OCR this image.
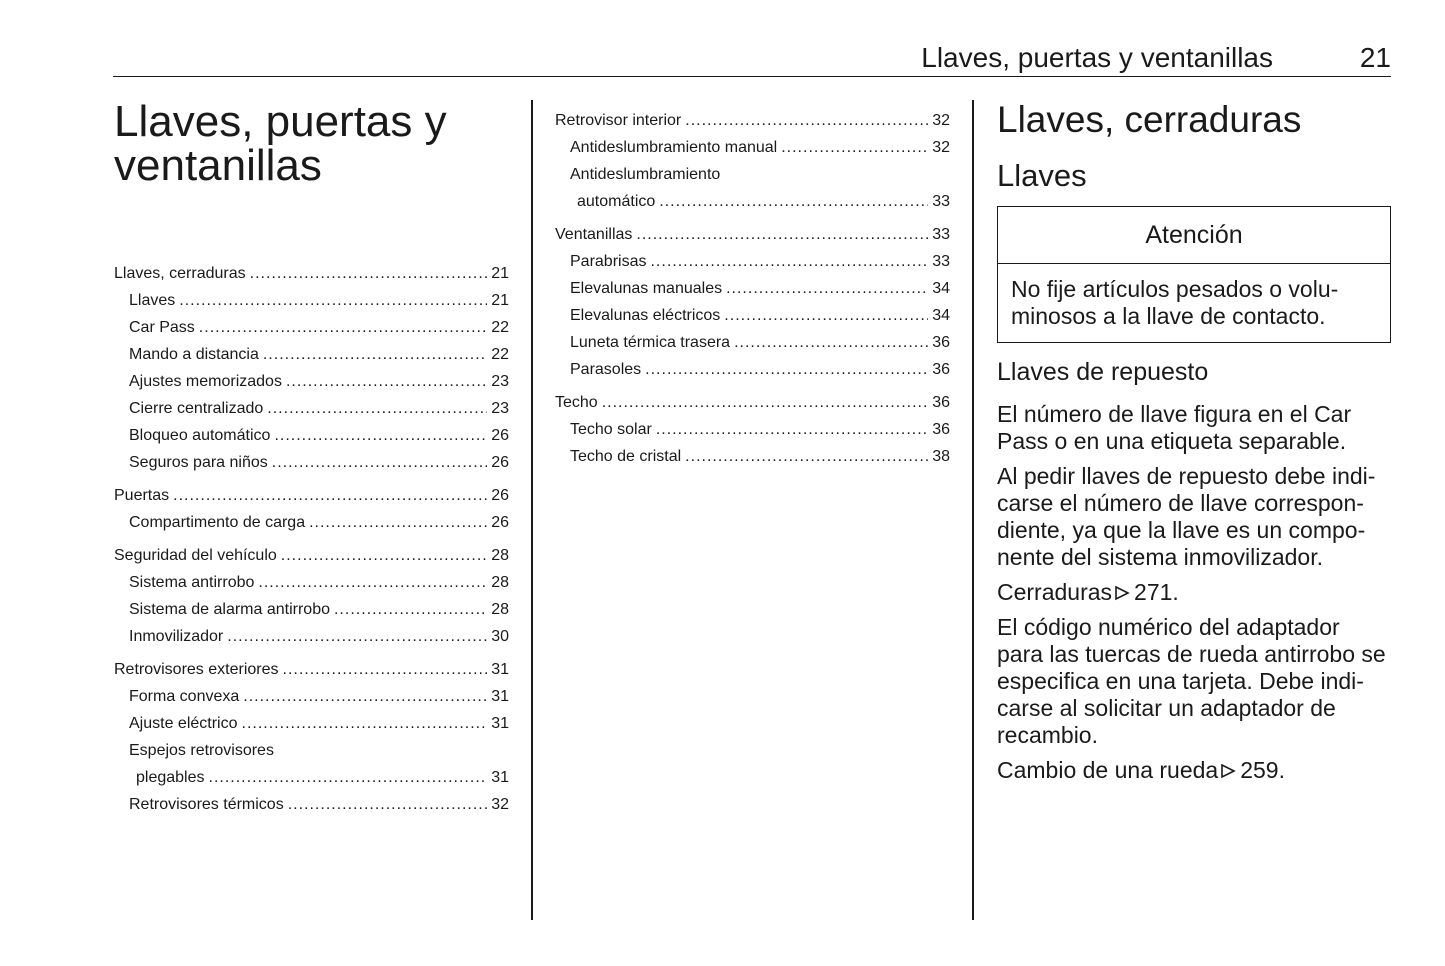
Llaves, puertas y ventanillas	21
Llaves, puertas y
ventanillas
Llaves, cerraduras .....	21
Llaves .....	21
Car Pass .....	22
Mando a distancia .....	22
Ajustes memorizados .....	23
Cierre centralizado .....	23
Bloqueo automático .....	26
Seguros para niños .....	26
Puertas .....	26
Compartimento de carga .....	26
Seguridad del vehículo .....	28
Sistema antirrobo .....	28
Sistema de alarma antirrobo .....	28
Inmovilizador .....	30
Retrovisores exteriores .....	31
Forma convexa .....	31
Ajuste eléctrico .....	31
Espejos retrovisores
plegables .....	31
Retrovisores térmicos .....	32
Retrovisor interior .....	32
Antideslumbramiento manual .....	32
Antideslumbramiento
automático .....	33
Ventanillas .....	33
Parabrisas .....	33
Elevalunas manuales .....	34
Elevalunas eléctricos .....	34
Luneta térmica trasera .....	36
Parasoles .....	36
Techo .....	36
Techo solar .....	36
Techo de cristal .....	38
Llaves, cerraduras
Llaves
Atención
No fije artículos pesados o volu-
minosos a la llave de contacto.
Llaves de repuesto

El número de llave figura en el Car
Pass o en una etiqueta separable.

Al pedir llaves de repuesto debe indi-
carse el número de llave correspon-
diente, ya que la llave es un compo-
nente del sistema inmovilizador.

Cerraduras 271.

El código numérico del adaptador
para las tuercas de rueda antirrobo se
especifica en una tarjeta. Debe indi-
carse al solicitar un adaptador de
recambio.

Cambio de una rueda 259.
